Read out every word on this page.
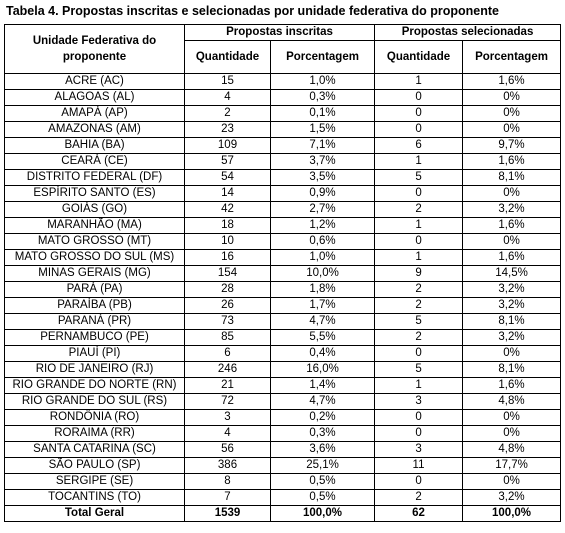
Tabela 4. Propostas inscritas e selecionadas por unidade federativa do proponente
Unidade Federativa do proponente	Propostas inscritas		Propostas selecionadas	
	Quantidade	Porcentagem	Quantidade	Porcentagem
ACRE (AC)	15	1,0%	1	1,6%
ALAGOAS (AL)	4	0,3%	0	0%
AMAPÁ (AP)	2	0,1%	0	0%
AMAZONAS (AM)	23	1,5%	0	0%
BAHIA (BA)	109	7,1%	6	9,7%
CEARÁ (CE)	57	3,7%	1	1,6%
DISTRITO FEDERAL (DF)	54	3,5%	5	8,1%
ESPÍRITO SANTO (ES)	14	0,9%	0	0%
GOIÁS (GO)	42	2,7%	2	3,2%
MARANHÃO (MA)	18	1,2%	1	1,6%
MATO GROSSO (MT)	10	0,6%	0	0%
MATO GROSSO DO SUL (MS)	16	1,0%	1	1,6%
MINAS GERAIS (MG)	154	10,0%	9	14,5%
PARÁ (PA)	28	1,8%	2	3,2%
PARAÍBA (PB)	26	1,7%	2	3,2%
PARANÁ (PR)	73	4,7%	5	8,1%
PERNAMBUCO (PE)	85	5,5%	2	3,2%
PIAUÍ (PI)	6	0,4%	0	0%
RIO DE JANEIRO (RJ)	246	16,0%	5	8,1%
RIO GRANDE DO NORTE (RN)	21	1,4%	1	1,6%
RIO GRANDE DO SUL (RS)	72	4,7%	3	4,8%
RONDÔNIA (RO)	3	0,2%	0	0%
RORAIMA (RR)	4	0,3%	0	0%
SANTA CATARINA (SC)	56	3,6%	3	4,8%
SÃO PAULO (SP)	386	25,1%	11	17,7%
SERGIPE (SE)	8	0,5%	0	0%
TOCANTINS (TO)	7	0,5%	2	3,2%
Total Geral	1539	100,0%	62	100,0%
